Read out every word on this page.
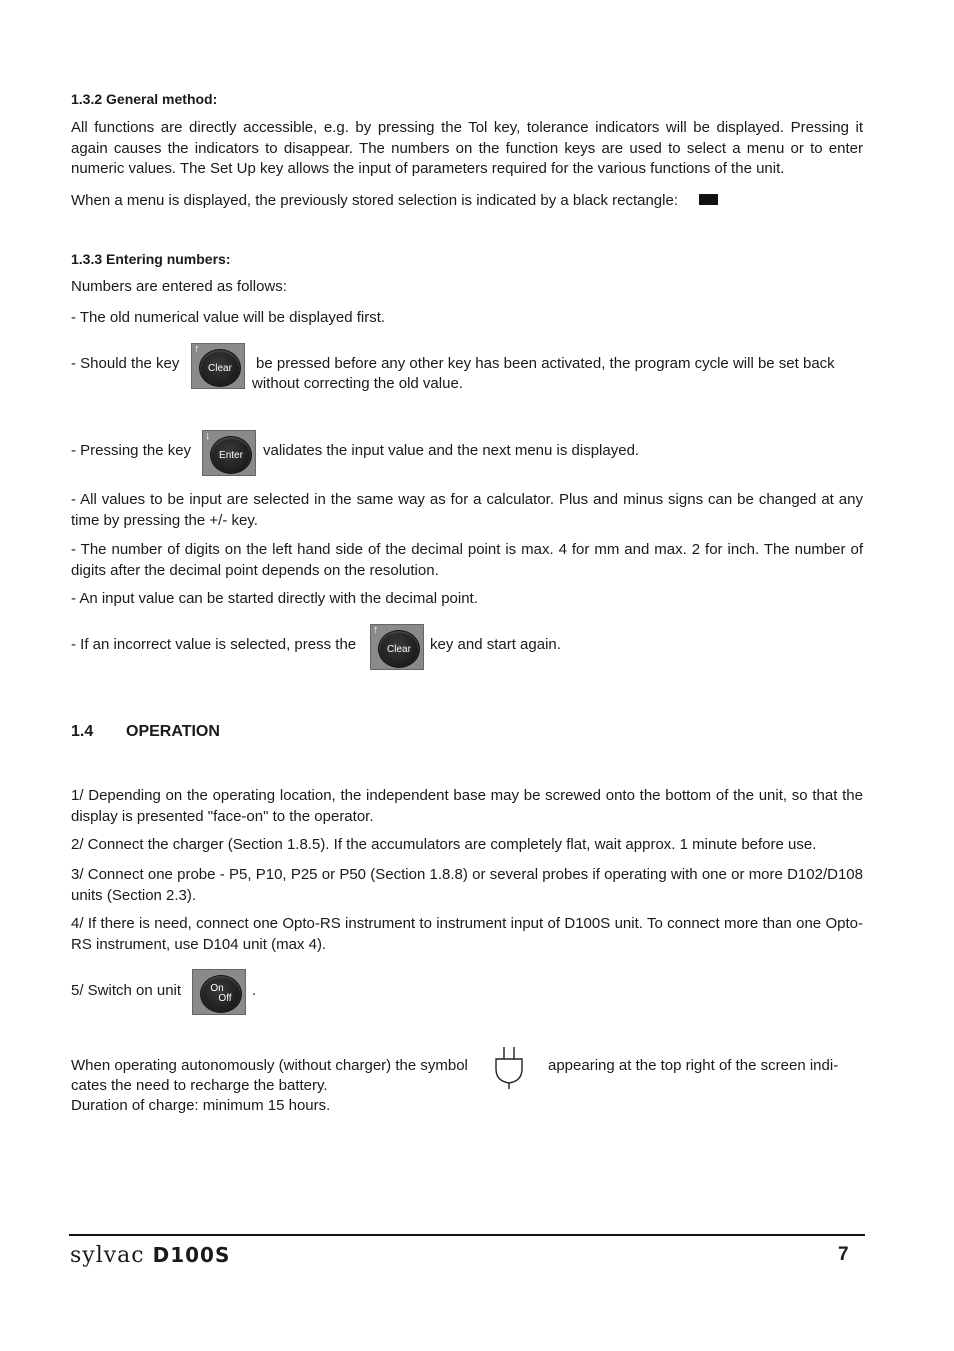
1.3.2 General method:

All functions are directly accessible, e.g. by pressing the Tol key, tolerance indicators will be displayed. Pressing it again causes the indicators to disappear. The numbers on the function keys are used to select a menu or to enter numeric values. The Set Up key allows the input of parameters required for the various functions of the unit.

When a menu is displayed, the previously stored selection is indicated by a black rectangle:
1.3.3 Entering numbers:
Numbers are entered as follows:
- The old numerical value will be displayed first.
- Should the key
↑
Clear	be pressed before any other key has been activated, the program cycle will be set back
without correcting the old value.
- Pressing the key
↓
Enter	validates the input value and the next menu is displayed.

- All values to be input are selected in the same way as for a calculator. Plus and minus signs can be changed at any time by pressing the +/- key.

- The number of digits on the left hand side of the decimal point is max. 4 for mm and max. 2 for inch. The number of digits after the decimal point depends on the resolution.

- An input value can be started directly with the decimal point.
- If an incorrect value is selected, press the
↑
Clear	key and start again.
1.4 OPERATION

1/ Depending on the operating location, the independent base may be screwed onto the bottom of the unit, so that the display is presented "face-on" to the operator.

2/ Connect the charger (Section 1.8.5). If the accumulators are completely flat, wait approx. 1 minute before use.

3/ Connect one probe - P5, P10, P25 or P50 (Section 1.8.8) or several probes if operating with one or more D102/D108 units (Section 2.3).

4/ If there is need, connect one Opto-RS instrument to instrument input of D100S unit. To connect more than one Opto-RS instrument, use D104 unit (max 4).

5/ Switch on unit	On
Off .
When operating autonomously (without charger) the symbol	appearing at the top right of the screen indi-
cates the need to recharge the battery.
Duration of charge: minimum 15 hours.
sylvac D100S	7
